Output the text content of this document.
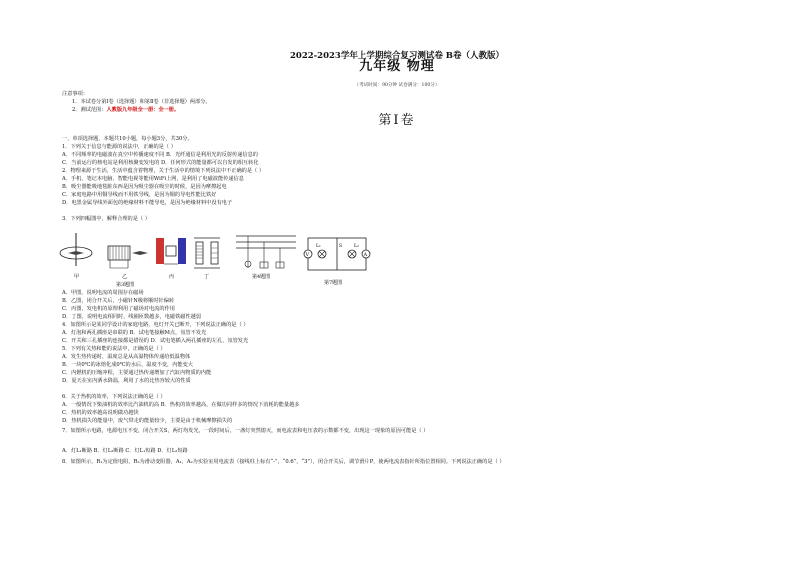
2022-2023学年上学期综合复习测试卷 B卷（人教版）
九年级 物理
（考试时间：90分钟 试卷满分：100分）
注意事项：
1．本试卷分第Ⅰ卷（选择题）和第Ⅱ卷（非选择题）两部分。
2．测试范围：人教版九年级全一册：全一册。
第Ⅰ卷
一、单项选择题，本题共10小题，每小题3分，共30分。
1．下列关于信息与能源的说法中，正确的是（ ）
A．不同频率的电磁波在真空中传播速度不同 B．光纤通信是利用光的反射传递信息的
C．当前运行的核电站是利用核聚变发电的 D．任何形式的能量都可以自发的相互转化
2．物理来源于生活，生活中蕴含着物理，关于生活中的情境下列说法中不正确的是（ ）
A．手机、笔记本电脑、智能电视等能用WiFi上网，是利用了电磁波能传递信息
B．吸尘器能吸地毯脏东西是因为吸尘器在吸尘的时候，是因为摩擦起电
C．家庭电路中用铜导线而不用铁导线，是因为铜的导电性能比铁好
D．电黑金属导线外面包的绝缘材料不能导电，是因为绝缘材料中没有电子
3．下列四幅图中，解释合理的是（ ）
甲	乙	丙	丁
第3题图
第4题图
V	A
L₁	L₂
S
第7题图
A．甲图，说明电流的周围存在磁场
B．乙图，闭合开关后，小磁针N极将顺时针偏转
C．丙图，发电机的原理利用了磁场对电流的作用
D．丁图，说明电流相同时，线圈匝数越多，电磁铁磁性越弱
4．如图所示是某同学设计的家庭电路，电灯开关已断开，下列说法正确的是（ ）
A．灯泡和两孔插座是串联的 B．试电笔接触M点，氖管不发光
C．开关和三孔插座的连接都是错误的 D．试电笔插入两孔插座的左孔，氖管发光
5．下列有关热和能的说法中，正确的是（ ）
A．发生热传递时，温度总是从高温物体传递给低温物体
B．一块0℃的冰熔化成0℃的水后，温度不变，内能变大
C．内燃机的压缩冲程，主要通过热传递增加了汽缸内物质的内能
D．夏天在室内洒水降温，利用了水的比热容较大的性质
6．关于热机的效率，下列说法正确的是（ ）
A．一般情况下柴油机的效率比汽油机的高 B．热机的效率越高，在做功同样多的情况下消耗的能量越多
C．热机的效率越高说明做功越快
D．热机损失的能量中，废气带走的能量较少，主要是由于机械摩擦损失的
7．如图所示电路，电源电压不变，闭合开关S，两灯均发光，一段时间后，一盏灯突然熄灭，而电流表和电压表的示数都不变，出现这一现象的原因可能是（ ）
A．灯L₁断路 B．灯L₂断路 C．灯L₁短路 D．灯L₂短路
8．如图所示，R₁为定值电阻，R₂为滑动变阻器，A₁，A₂为实验室用电流表（接线柱上标有“-”，“0.6”，“3”），闭合开关后，调节滑片P，使两电流表指针所指位置相同。下列说法正确的是（ ）
